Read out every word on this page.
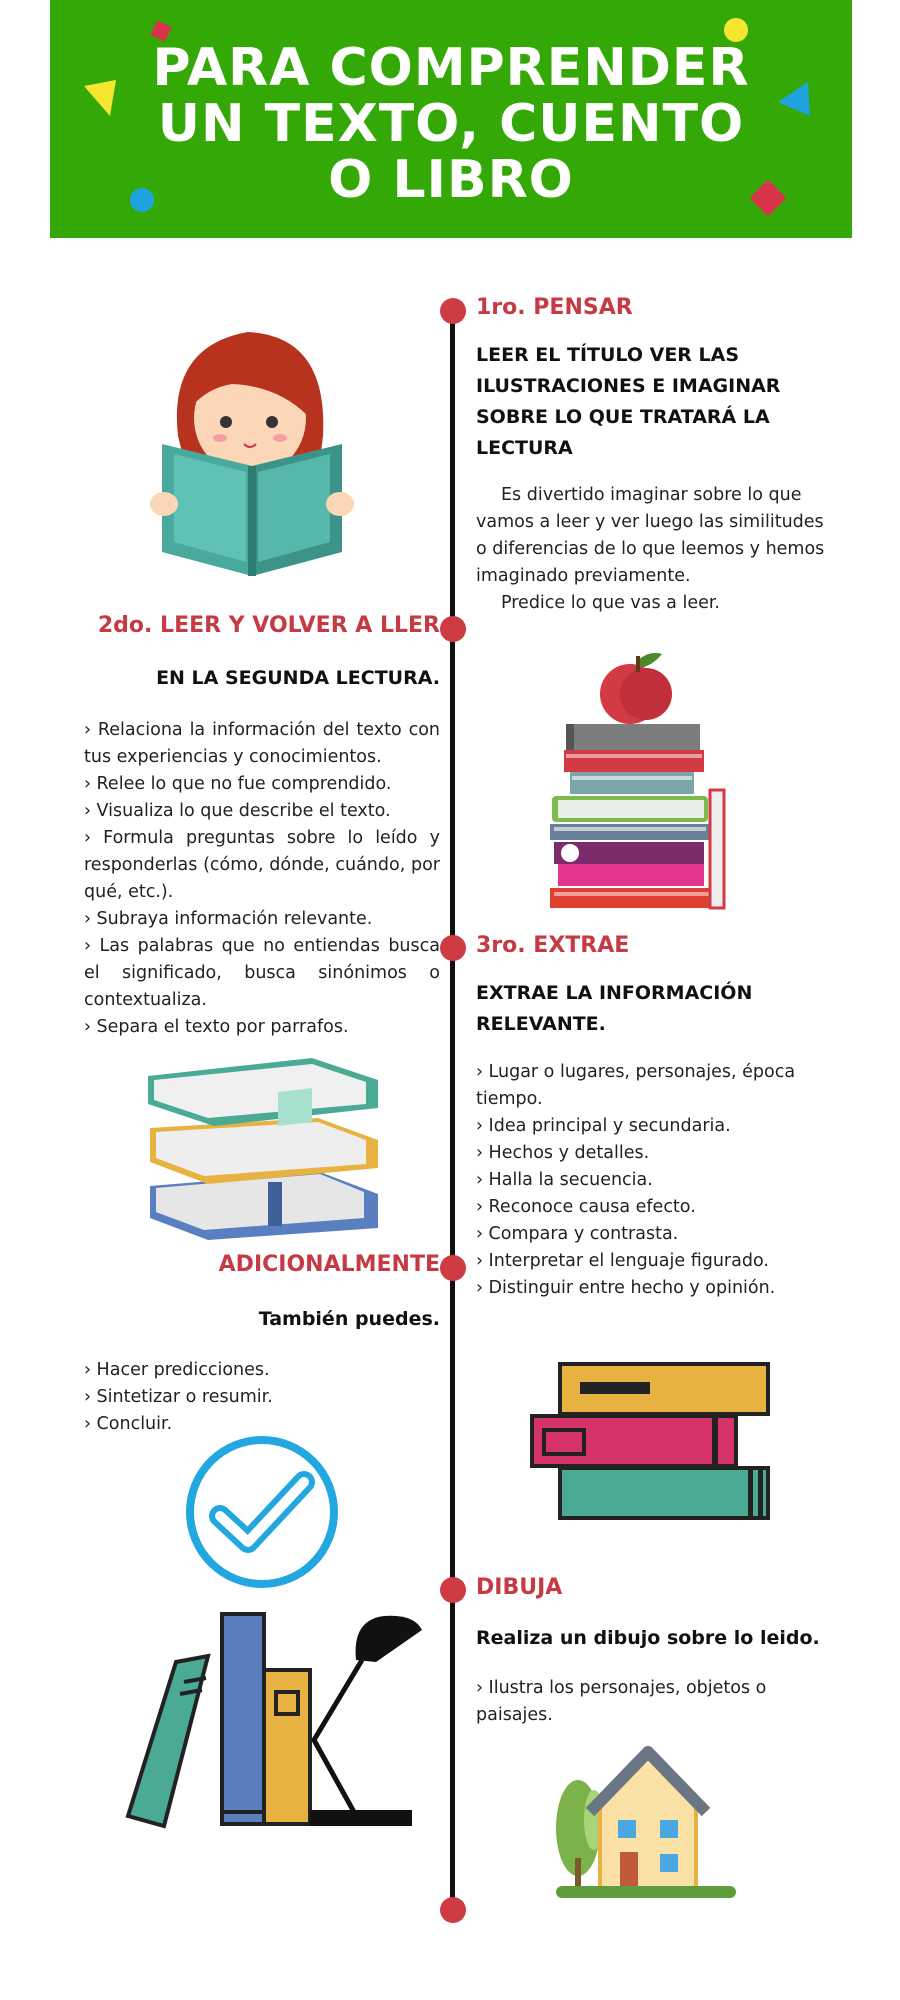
PARA COMPRENDER
UN TEXTO, CUENTO
O LIBRO
1ro. PENSAR
LEER EL TÍTULO VER LAS ILUSTRACIONES E IMAGINAR SOBRE LO QUE TRATARÁ LA LECTURA
Es divertido imaginar sobre lo que vamos a leer y ver luego las similitudes o diferencias de lo que leemos y hemos imaginado previamente.
Predice lo que vas a leer.
2do. LEER Y VOLVER A LLER
EN LA SEGUNDA LECTURA.
› Relaciona la información del texto con tus experiencias y conocimientos.
› Relee lo que no fue comprendido.
› Visualiza lo que describe el texto.
› Formula preguntas sobre lo leído y responderlas (cómo, dónde, cuándo, por qué, etc.).
› Subraya información relevante.
› Las palabras que no entiendas busca el significado, busca sinónimos o contextualiza.
› Separa el texto por parrafos.
3ro. EXTRAE
EXTRAE LA INFORMACIÓN RELEVANTE.
› Lugar o lugares, personajes, época tiempo.
› Idea principal y secundaria.
› Hechos y detalles.
› Halla la secuencia.
› Reconoce causa efecto.
› Compara y contrasta.
› Interpretar el lenguaje figurado.
› Distinguir entre hecho y opinión.
ADICIONALMENTE
También puedes.
› Hacer predicciones.
› Sintetizar o resumir.
› Concluir.
DIBUJA
Realiza un dibujo sobre lo leido.
› Ilustra los personajes, objetos o paisajes.
